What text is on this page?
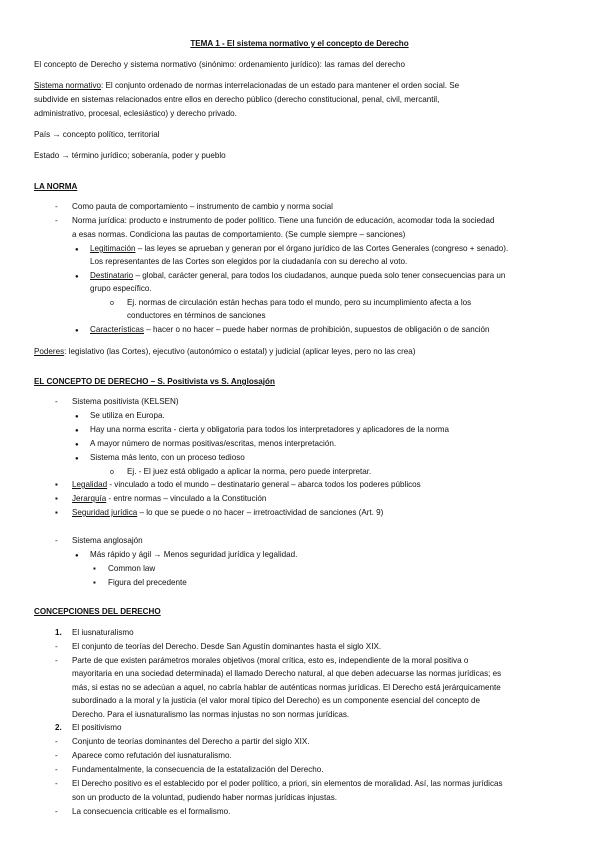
TEMA 1 - El sistema normativo y el concepto de Derecho
El concepto de Derecho y sistema normativo (sinónimo: ordenamiento jurídico): las ramas del derecho
Sistema normativo: El conjunto ordenado de normas interrelacionadas de un estado para mantener el orden social. Se
subdivide en sistemas relacionados entre ellos en derecho público (derecho constitucional, penal, civil, mercantil,
administrativo, procesal, eclesiástico) y derecho privado.
País → concepto político, territorial
Estado → término jurídico; soberanía, poder y pueblo
LA NORMA
-
Como pauta de comportamiento – instrumento de cambio y norma social
-
Norma jurídica: producto e instrumento de poder político. Tiene una función de educación, acomodar toda la sociedad
a esas normas. Condiciona las pautas de comportamiento. (Se cumple siempre – sanciones)
●
Legitimación – las leyes se aprueban y generan por el órgano jurídico de las Cortes Generales (congreso + senado).
Los representantes de las Cortes son elegidos por la ciudadanía con su derecho al voto.
●
Destinatario – global, carácter general, para todos los ciudadanos, aunque pueda solo tener consecuencias para un
grupo específico.
o
Ej. normas de circulación están hechas para todo el mundo, pero su incumplimiento afecta a los
conductores en términos de sanciones
●
Características – hacer o no hacer – puede haber normas de prohibición, supuestos de obligación o de sanción
Poderes: legislativo (las Cortes), ejecutivo (autonómico o estatal) y judicial (aplicar leyes, pero no las crea)
EL CONCEPTO DE DERECHO – S. Positivista vs S. Anglosajón
-
Sistema positivista (KELSEN)
●
Se utiliza en Europa.
●
Hay una norma escrita - cierta y obligatoria para todos los interpretadores y aplicadores de la norma
●
A mayor número de normas positivas/escritas, menos interpretación.
●
Sistema más lento, con un proceso tedioso
o
Ej. - El juez está obligado a aplicar la norma, pero puede interpretar.
▪
Legalidad - vinculado a todo el mundo – destinatario general – abarca todos los poderes públicos
▪
Jerarquía - entre normas – vinculado a la Constitución
▪
Seguridad jurídica – lo que se puede o no hacer – irretroactividad de sanciones (Art. 9)
-
Sistema anglosajón
●
Más rápido y ágil → Menos seguridad jurídica y legalidad.
▪
Common law
▪
Figura del precedente
CONCEPCIONES DEL DERECHO
1. El iusnaturalismo
-
El conjunto de teorías del Derecho. Desde San Agustín dominantes hasta el siglo XIX.
-
Parte de que existen parámetros morales objetivos (moral crítica, esto es, independiente de la moral positiva o
mayoritaria en una sociedad determinada) el llamado Derecho natural, al que deben adecuarse las normas jurídicas; es
más, si estas no se adecúan a aquel, no cabría hablar de auténticas normas jurídicas. El Derecho está jerárquicamente
subordinado a la moral y la justicia (el valor moral típico del Derecho) es un componente esencial del concepto de
Derecho. Para el iusnaturalismo las normas injustas no son normas jurídicas.
2. El positivismo
-
Conjunto de teorías dominantes del Derecho a partir del siglo XIX.
-
Aparece como refutación del iusnaturalismo.
-
Fundamentalmente, la consecuencia de la estatalización del Derecho.
-
El Derecho positivo es el establecido por el poder político, a priori, sin elementos de moralidad. Así, las normas jurídicas
son un producto de la voluntad, pudiendo haber normas jurídicas injustas.
-
La consecuencia criticable es el formalismo.
